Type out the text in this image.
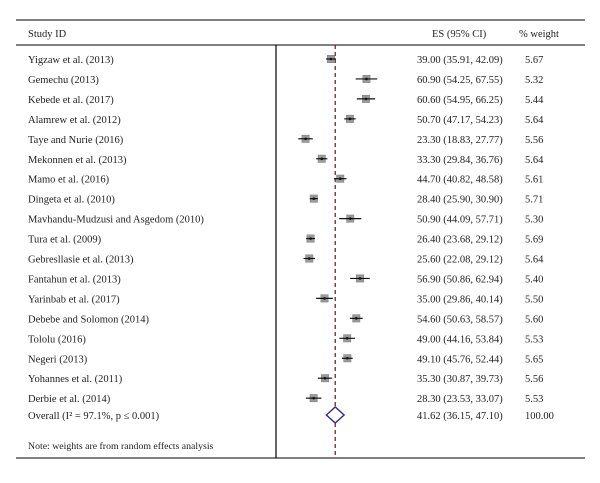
Study ID	ES (95% CI)	% weight
Overall (I² = 97.1%, p ≤ 0.001)	41.62 (36.15, 47.10) 100.00
Note: weights are from random effects analysis
Yigzaw et al. (2013)	39.00 (35.91, 42.09) 5.67
Gemechu (2013)	60.90 (54.25, 67.55) 5.32
Kebede et al. (2017)	60.60 (54.95, 66.25) 5.44
Alamrew et al. (2012)	50.70 (47.17, 54.23) 5.64
Taye and Nurie (2016)	23.30 (18.83, 27.77) 5.56
Mekonnen et al. (2013)	33.30 (29.84, 36.76) 5.64
Mamo et al. (2016)	44.70 (40.82, 48.58) 5.61
Dingeta et al. (2010)	28.40 (25.90, 30.90) 5.71
Mavhandu-Mudzusi and Asgedom (2010)	50.90 (44.09, 57.71) 5.30
Tura et al. (2009)	26.40 (23.68, 29.12) 5.69
Gebresllasie et al. (2013)	25.60 (22.08, 29.12) 5.64
Fantahun et al. (2013)	56.90 (50.86, 62.94) 5.40
Yarinbab et al. (2017)	35.00 (29.86, 40.14) 5.50
Debebe and Solomon (2014)	54.60 (50.63, 58.57) 5.60
Tololu (2016)	49.00 (44.16, 53.84) 5.53
Negeri (2013)	49.10 (45.76, 52.44) 5.65
Yohannes et al. (2011)	35.30 (30.87, 39.73) 5.56
Derbie et al. (2014)	28.30 (23.53, 33.07) 5.53
